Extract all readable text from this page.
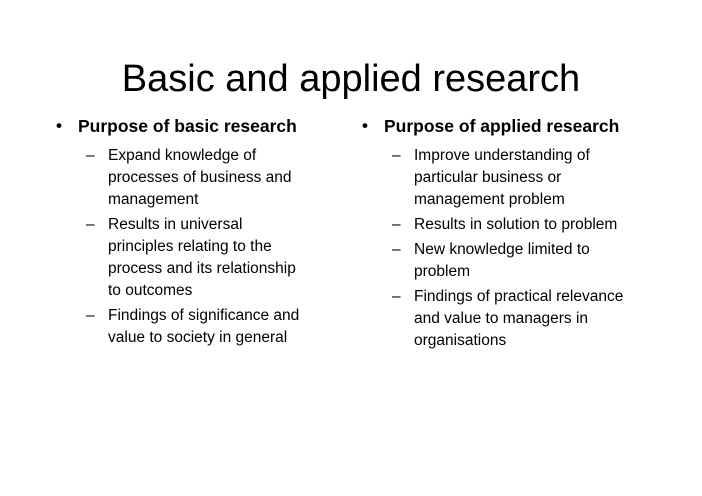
Basic and applied research
• Purpose of basic research
– Expand knowledge of processes of business and management
– Results in universal principles relating to the process and its relationship to outcomes
– Findings of significance and value to society in general
• Purpose of applied research
– Improve understanding of particular business or management problem
– Results in solution to problem
– New knowledge limited to problem
– Findings of practical relevance and value to managers in organisations
